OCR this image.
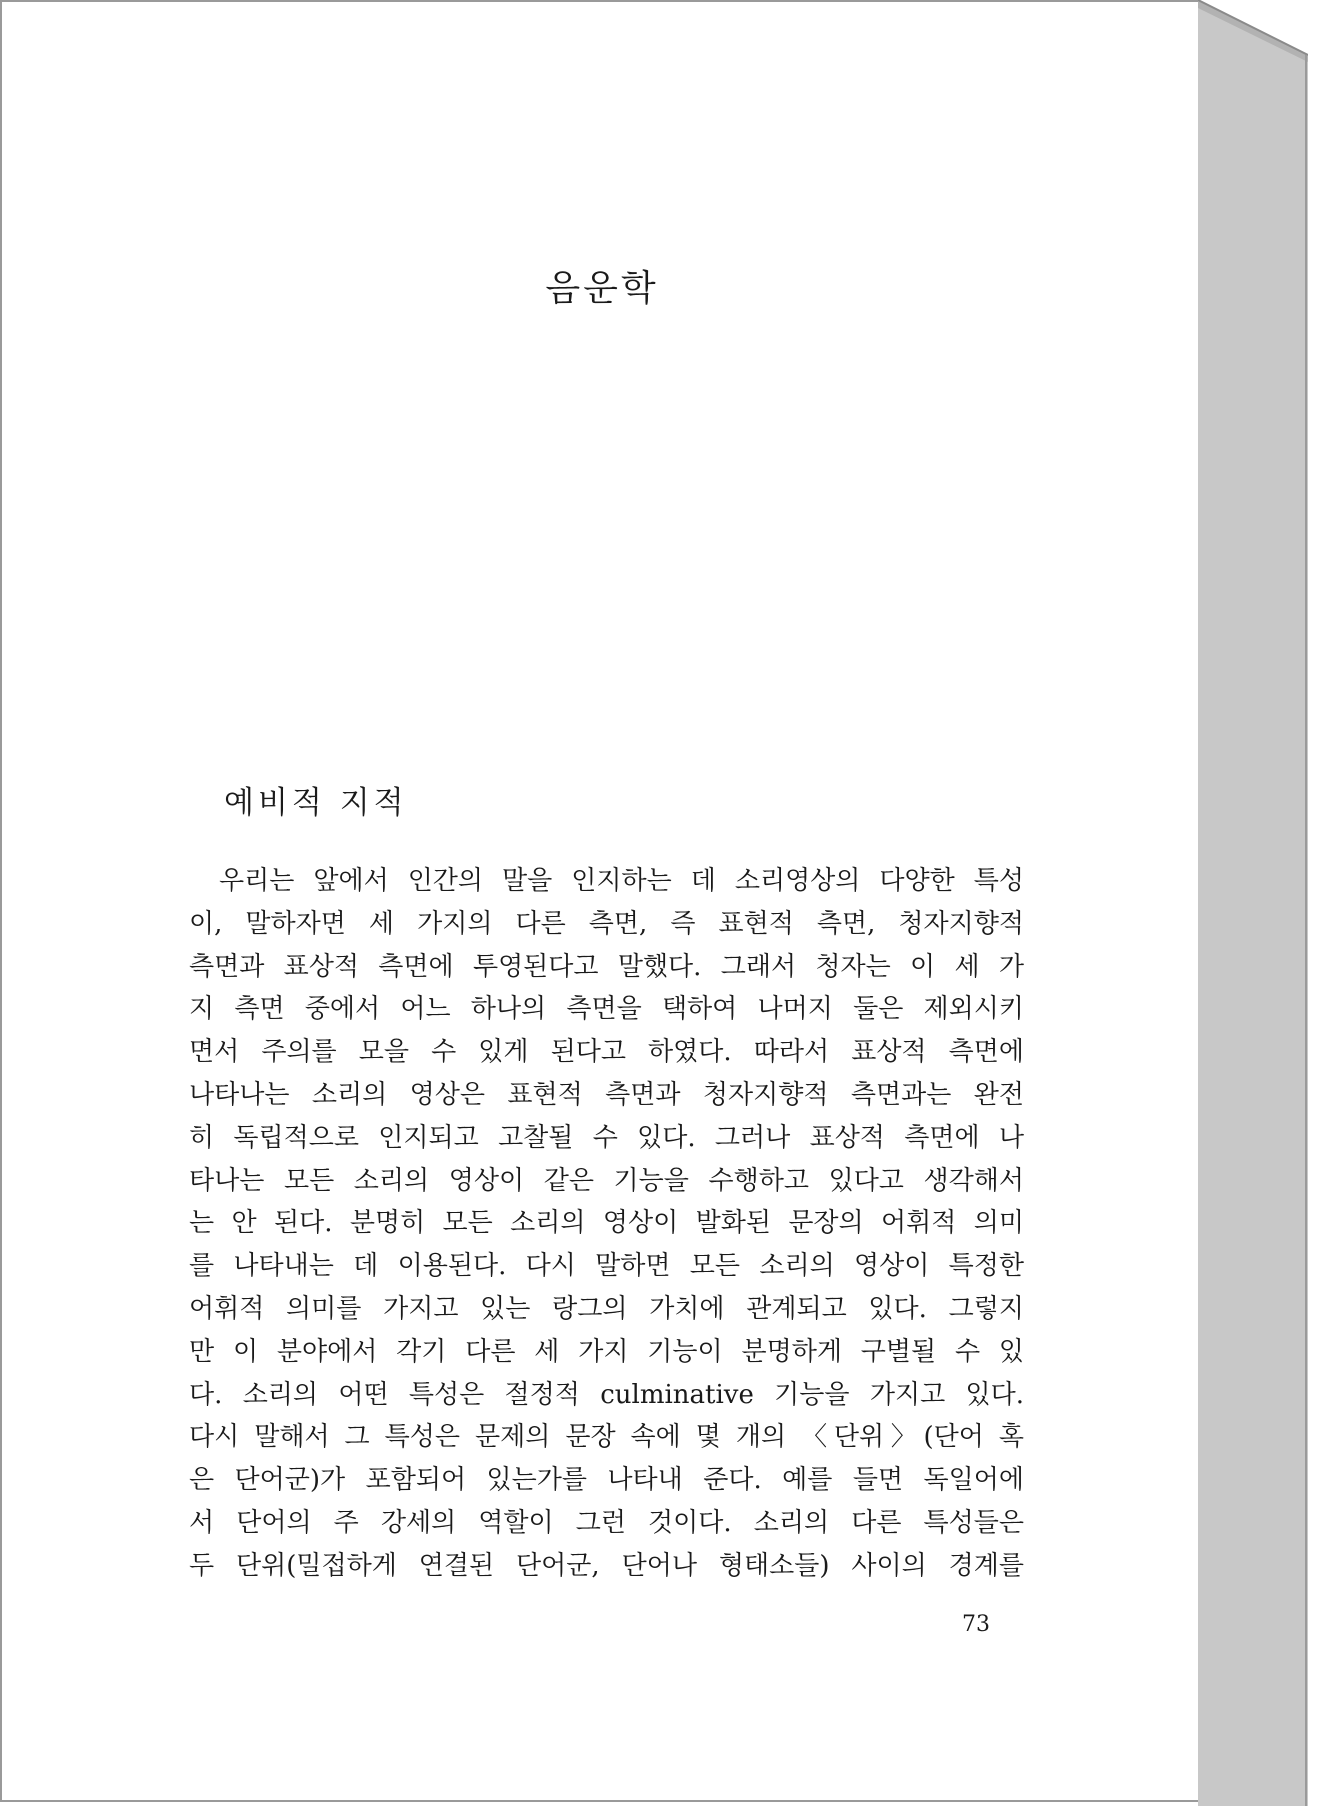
음운학
예비적 지적
우리는 앞에서 인간의 말을 인지하는 데 소리영상의 다양한 특성
이, 말하자면 세 가지의 다른 측면, 즉 표현적 측면, 청자지향적
측면과 표상적 측면에 투영된다고 말했다. 그래서 청자는 이 세 가
지 측면 중에서 어느 하나의 측면을 택하여 나머지 둘은 제외시키
면서 주의를 모을 수 있게 된다고 하였다. 따라서 표상적 측면에
나타나는 소리의 영상은 표현적 측면과 청자지향적 측면과는 완전
히 독립적으로 인지되고 고찰될 수 있다. 그러나 표상적 측면에 나
타나는 모든 소리의 영상이 같은 기능을 수행하고 있다고 생각해서
는 안 된다. 분명히 모든 소리의 영상이 발화된 문장의 어휘적 의미
를 나타내는 데 이용된다. 다시 말하면 모든 소리의 영상이 특정한
어휘적 의미를 가지고 있는 랑그의 가치에 관계되고 있다. 그렇지
만 이 분야에서 각기 다른 세 가지 기능이 분명하게 구별될 수 있
다. 소리의 어떤 특성은 절정적 culminative 기능을 가지고 있다.
다시 말해서 그 특성은 문제의 문장 속에 몇 개의 〈단위〉(단어 혹
은 단어군)가 포함되어 있는가를 나타내 준다. 예를 들면 독일어에
서 단어의 주 강세의 역할이 그런 것이다. 소리의 다른 특성들은
두 단위(밀접하게 연결된 단어군, 단어나 형태소들) 사이의 경계를
73
